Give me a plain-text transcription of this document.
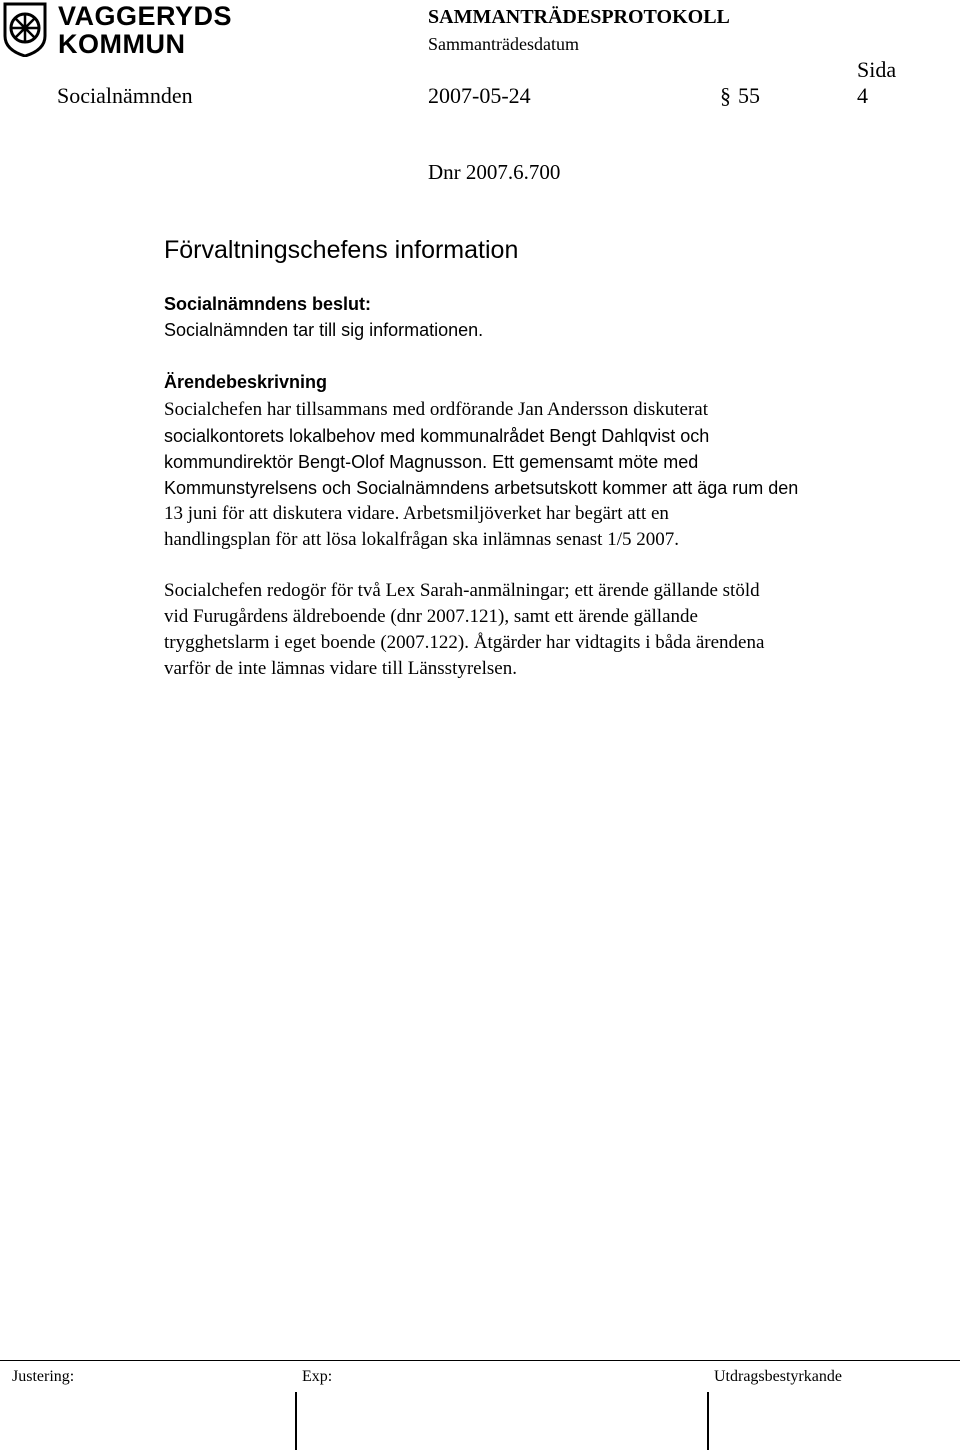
VAGGERYDS
KOMMUN
SAMMANTRÄDESPROTOKOLL
Sammanträdesdatum
Sida
Socialnämnden	2007-05-24	§ 55	4
Dnr 2007.6.700
Förvaltningschefens information
Socialnämndens beslut:
Socialnämnden tar till sig informationen.
Ärendebeskrivning
Socialchefen har tillsammans med ordförande Jan Andersson diskuterat
socialkontorets lokalbehov med kommunalrådet Bengt Dahlqvist och
kommundirektör Bengt-Olof Magnusson. Ett gemensamt möte med
Kommunstyrelsens och Socialnämndens arbetsutskott kommer att äga rum den
13 juni för att diskutera vidare. Arbetsmiljöverket har begärt att en
handlingsplan för att lösa lokalfrågan ska inlämnas senast 1/5 2007.
Socialchefen redogör för två Lex Sarah-anmälningar; ett ärende gällande stöld
vid Furugårdens äldreboende (dnr 2007.121), samt ett ärende gällande
trygghetslarm i eget boende (2007.122). Åtgärder har vidtagits i båda ärendena
varför de inte lämnas vidare till Länsstyrelsen.
Justering:	Exp:	Utdragsbestyrkande
